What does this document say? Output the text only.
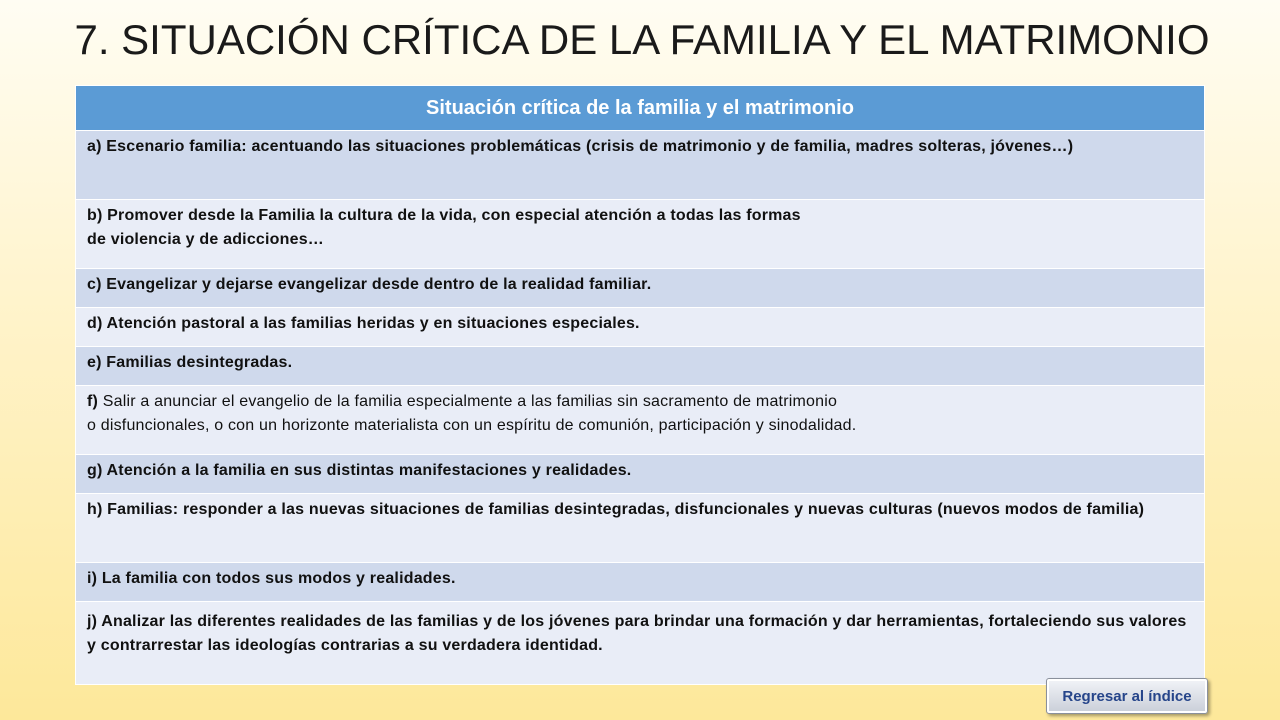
7. SITUACIÓN CRÍTICA DE LA FAMILIA Y EL MATRIMONIO
Situación crítica de la familia y el matrimonio
a) Escenario familia: acentuando las situaciones problemáticas (crisis de matrimonio y de familia, madres solteras, jóvenes…)
b) Promover desde la Familia la cultura de la vida, con especial atención a todas las formas
de violencia y de adicciones…
c) Evangelizar y dejarse evangelizar desde dentro de la realidad familiar.
d) Atención pastoral a las familias heridas y en situaciones especiales.
e) Familias desintegradas.
f) Salir a anunciar el evangelio de la familia especialmente a las familias sin sacramento de matrimonio
o disfuncionales, o con un horizonte materialista con un espíritu de comunión, participación y sinodalidad.
g) Atención a la familia en sus distintas manifestaciones y realidades.
h) Familias: responder a las nuevas situaciones de familias desintegradas, disfuncionales y nuevas culturas (nuevos modos de familia)
i) La familia con todos sus modos y realidades.
j) Analizar las diferentes realidades de las familias y de los jóvenes para brindar una formación y dar herramientas, fortaleciendo sus valores y contrarrestar las ideologías contrarias a su verdadera identidad.
Regresar al índice
